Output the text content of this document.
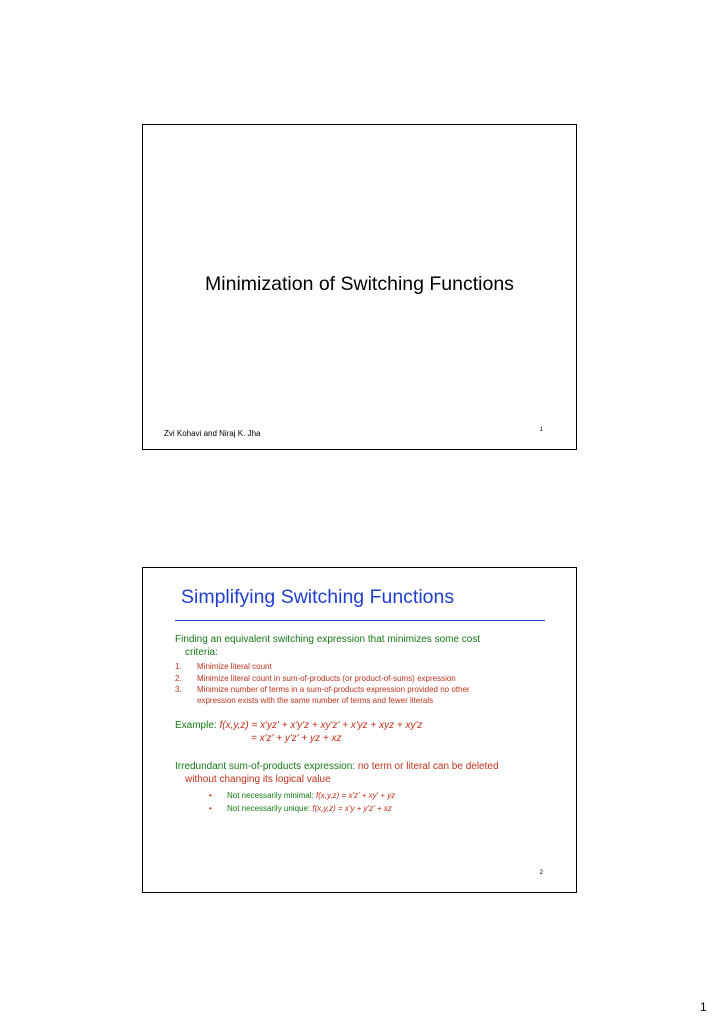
Minimization of Switching Functions
1
Zvi Kohavi and Niraj K. Jha
Simplifying Switching Functions

Finding an equivalent switching expression that minimizes some cost
criteria:

1. Minimize literal count
2. Minimize literal count in sum-of-products (or product-of-sums) expression
3. Minimize number of terms in a sum-of-products expression provided no other
expression exists with the same number of terms and fewer literals

Example: f(x,y,z) = x'yz' + x'y'z + xy'z' + x'yz + xyz + xy'z
= x'z' + y'z' + yz + xz

Irredundant sum-of-products expression: no term or literal can be deleted
without changing its logical value

• Not necessarily minimal: f(x,y,z) = x'z' + xy' + yz
• Not necessarily unique: f(x,y,z) = x'y + y'z' + xz
2
1
